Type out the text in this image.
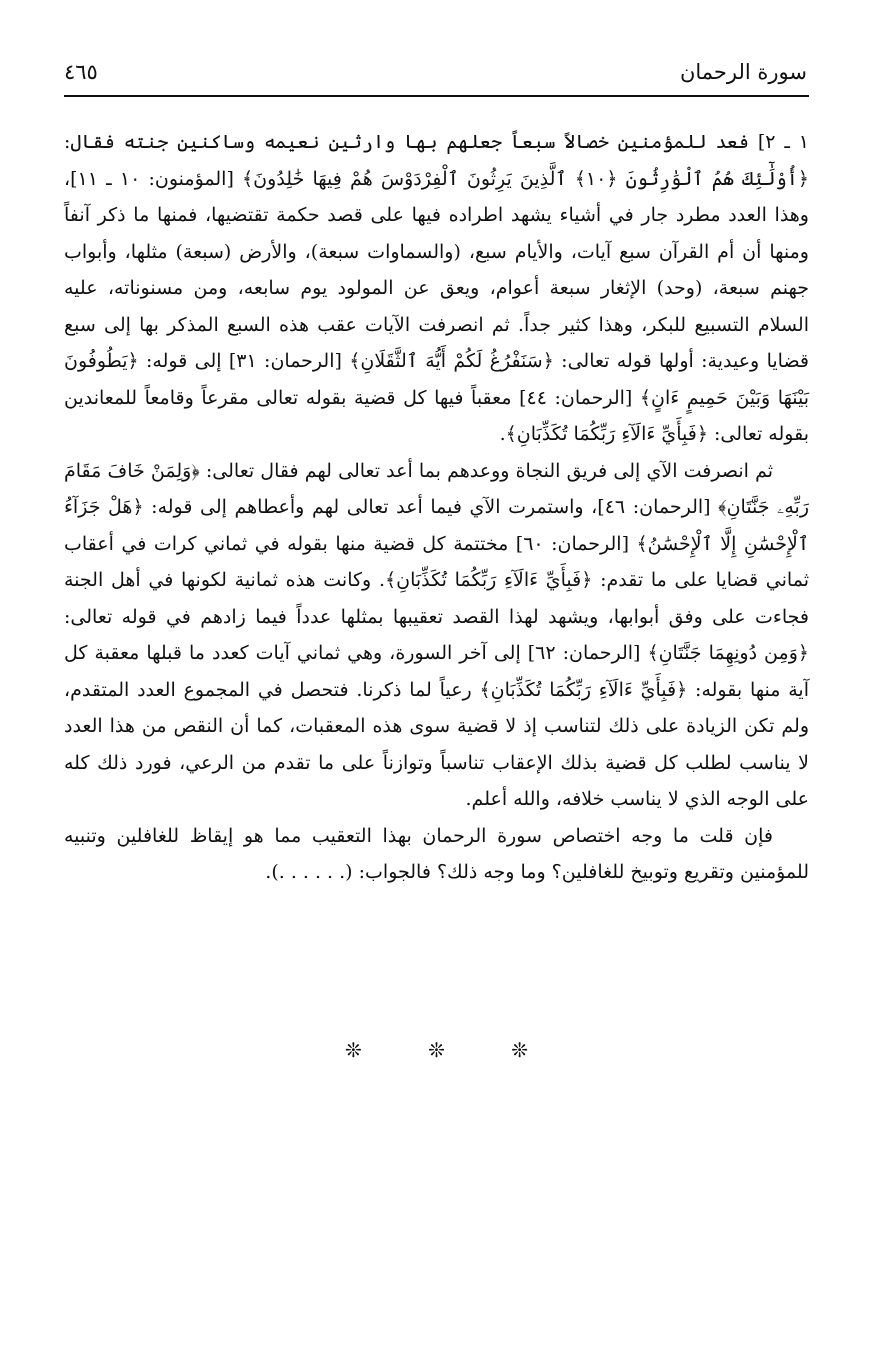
٤٦٥	سورة الرحمان

١ ـ ٢] فعد للمؤمنين خصالاً سبعاً جعلهم بها وارثين نعيمه وساكنين جنته فقال: ﴿أُوْلَٰٓئِكَ هُمُ ٱلْوَٰرِثُونَ ﴿١٠﴾ ٱلَّذِينَ يَرِثُونَ ٱلْفِرْدَوْسَ هُمْ فِيهَا خَٰلِدُونَ﴾ [المؤمنون: ١٠ ـ ١١]، وهذا العدد مطرد جار في أشياء يشهد اطراده فيها على قصد حكمة تقتضيها، فمنها ما ذكر آنفاً ومنها أن أم القرآن سبع آيات، والأيام سبع، (والسماوات سبعة)، والأرض (سبعة) مثلها، وأبواب جهنم سبعة، (وحد) الإثغار سبعة أعوام، ويعق عن المولود يوم سابعه، ومن مسنوناته، عليه السلام التسبيع للبكر، وهذا كثير جداً. ثم انصرفت الآيات عقب هذه السبع المذكر بها إلى سبع قضايا وعيدية: أولها قوله تعالى: ﴿سَنَفْرُغُ لَكُمْ أَيُّهَ ٱلثَّقَلَانِ﴾ [الرحمان: ٣١] إلى قوله: ﴿يَطُوفُونَ بَيْنَهَا وَبَيْنَ حَمِيمٍ ءَانٍ﴾ [الرحمان: ٤٤] معقباً فيها كل قضية بقوله تعالى مقرعاً وقامعاً للمعاندين بقوله تعالى: ﴿فَبِأَيِّ ءَالَآءِ رَبِّكُمَا تُكَذِّبَانِ﴾.

ثم انصرفت الآي إلى فريق النجاة ووعدهم بما أعد تعالى لهم فقال تعالى: ﴿وَلِمَنْ خَافَ مَقَامَ رَبِّهِۦ جَنَّتَانِ﴾ [الرحمان: ٤٦]، واستمرت الآي فيما أعد تعالى لهم وأعطاهم إلى قوله: ﴿هَلْ جَزَآءُ ٱلْإِحْسَٰنِ إِلَّا ٱلْإِحْسَٰنُ﴾ [الرحمان: ٦٠] مختتمة كل قضية منها بقوله في ثماني كرات في أعقاب ثماني قضايا على ما تقدم: ﴿فَبِأَيِّ ءَالَآءِ رَبِّكُمَا تُكَذِّبَانِ﴾. وكانت هذه ثمانية لكونها في أهل الجنة فجاءت على وفق أبوابها، ويشهد لهذا القصد تعقيبها بمثلها عدداً فيما زادهم في قوله تعالى: ﴿وَمِن دُونِهِمَا جَنَّتَانِ﴾ [الرحمان: ٦٢] إلى آخر السورة، وهي ثماني آيات كعدد ما قبلها معقبة كل آية منها بقوله: ﴿فَبِأَيِّ ءَالَآءِ رَبِّكُمَا تُكَذِّبَانِ﴾ رعياً لما ذكرنا. فتحصل في المجموع العدد المتقدم، ولم تكن الزيادة على ذلك لتناسب إذ لا قضية سوى هذه المعقبات، كما أن النقص من هذا العدد لا يناسب لطلب كل قضية بذلك الإعقاب تناسباً وتوازناً على ما تقدم من الرعي، فورد ذلك كله على الوجه الذي لا يناسب خلافه، والله أعلم.

فإن قلت ما وجه اختصاص سورة الرحمان بهذا التعقيب مما هو إيقاظ للغافلين وتنبيه للمؤمنين وتقريع وتوبيخ للغافلين؟ وما وجه ذلك؟ فالجواب: (. . . . . .).

❊ ❊ ❊
